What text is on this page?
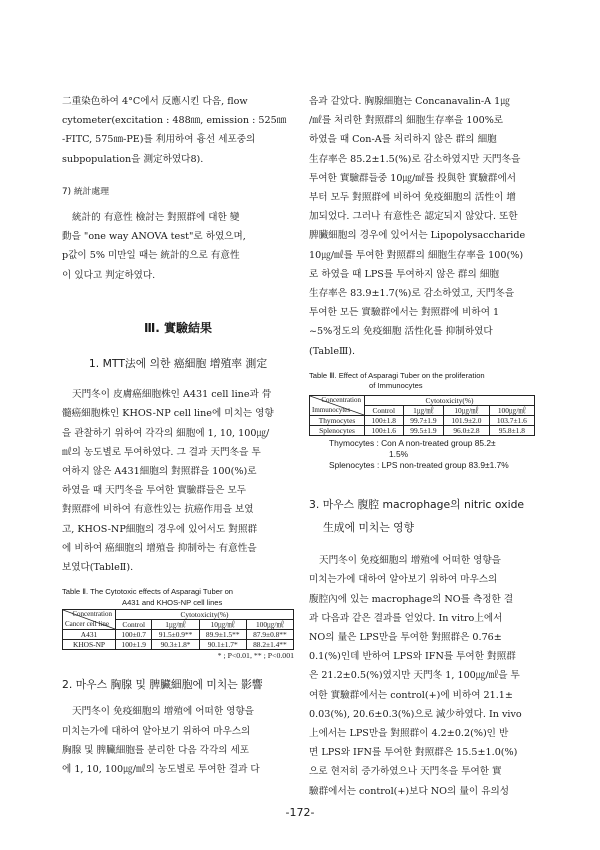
二重染色하여 4°C에서 反應시킨 다음, flow
cytometer(excitation : 488㎚, emission : 525㎚
-FITC, 575㎚-PE)를 利用하여 흉선 세포중의
subpopulation을 測定하였다8).

7) 統計處理

統計的 有意性 檢討는 對照群에 대한 變
動을 "one way ANOVA test"로 하였으며,
p값이 5% 미만일 때는 統計的으로 有意性
이 있다고 判定하였다.

Ⅲ. 實驗結果

1. MTT法에 의한 癌細胞 增殖率 測定

天門冬이 皮膚癌細胞株인 A431 cell line과 骨
髓癌細胞株인 KHOS-NP cell line에 미치는 영향
을 관찰하기 위하여 각각의 細胞에 1, 10, 100㎍/
㎖의 농도별로 투여하였다. 그 결과 天門冬을 투
여하지 않은 A431細胞의 對照群을 100(%)로
하였을 때 天門冬을 투여한 實驗群들은 모두
對照群에 비하여 有意性있는 抗癌作用을 보였
고, KHOS-NP細胞의 경우에 있어서도 對照群
에 비하여 癌細胞의 增殖을 抑制하는 有意性을
보였다(TableⅡ).

Table Ⅱ. The Cytotoxic effects of Asparagi Tuber on

A431 and KHOS-NP cell lines

Concentration
Cancer cell line	Cytotoxicity(%)			
	Control	1㎍/㎖	10㎍/㎖	100㎍/㎖
A431	100±0.7	91.5±0.9**	89.9±1.5**	87.9±0.8**
KHOS-NP	100±1.9	90.3±1.8*	90.1±1.7*	88.2±1.4**

* ; P<0.01, ** ; P<0.001

2. 마우스 胸腺 및 脾臟細胞에 미치는 影響

天門冬이 免疫細胞의 增殖에 어떠한 영향을
미치는가에 대하여 알아보기 위하여 마우스의
胸腺 및 脾臟細胞를 분리한 다음 각각의 세포
에 1, 10, 100㎍/㎖의 농도별로 투여한 결과 다
음과 같았다. 胸腺細胞는 Concanavalin-A 1㎍
/㎖를 처리한 對照群의 細胞生存率을 100%로
하였을 때 Con-A를 처리하지 않은 群의 細胞
生存率은 85.2±1.5(%)로 감소하였지만 天門冬을
투여한 實驗群들중 10㎍/㎖를 投與한 實驗群에서
부터 모두 對照群에 비하여 免疫細胞의 活性이 增
加되었다. 그러나 有意性은 認定되지 않았다. 또한
脾臟細胞의 경우에 있어서는 Lipopolysaccharide
10㎍/㎖를 투여한 對照群의 細胞生存率을 100(%)
로 하였을 때 LPS를 투여하지 않은 群의 細胞
生存率은 83.9±1.7(%)로 감소하였고, 天門冬을
투여한 모든 實驗群에서는 對照群에 비하여 1
~5%정도의 免疫細胞 活性化를 抑制하였다
(TableⅢ).

Table Ⅲ. Effect of Asparagi Tuber on the proliferation

of Immunocytes

Concentration
Immunocytes	Cytotoxicity(%)			
	Control	1㎍/㎖	10㎍/㎖	100㎍/㎖
Thymocytes	100±1.8	99.7±1.9	101.9±2.0	103.7±1.6
Splenocytes	100±1.6	99.5±1.9	96.0±2.8	95.8±1.8

Thymocytes : Con A non-treated group 85.2±

1.5%

Splenocytes : LPS non-treated group 83.9±1.7%

3. 마우스 腹腔 macrophage의 nitric oxide

生成에 미치는 영향

天門冬이 免疫細胞의 增殖에 어떠한 영향을
미치는가에 대하여 알아보기 위하여 마우스의
腹腔內에 있는 macrophage의 NO를 측정한 결
과 다음과 같은 결과를 얻었다. In vitro上에서
NO의 量은 LPS만을 투여한 對照群은 0.76±
0.1(%)인데 반하여 LPS와 IFN를 투여한 對照群
은 21.2±0.5(%)였지만 天門冬 1, 100㎍/㎖을 투
여한 實驗群에서는 control(+)에 비하여 21.1±
0.03(%), 20.6±0.3(%)으로 減少하였다. In vivo
上에서는 LPS만을 對照群이 4.2±0.2(%)인 반
면 LPS와 IFN를 투여한 對照群은 15.5±1.0(%)
으로 현저히 증가하였으나 天門冬을 투여한 實
驗群에서는 control(+)보다 NO의 量이 유의성
-172-
